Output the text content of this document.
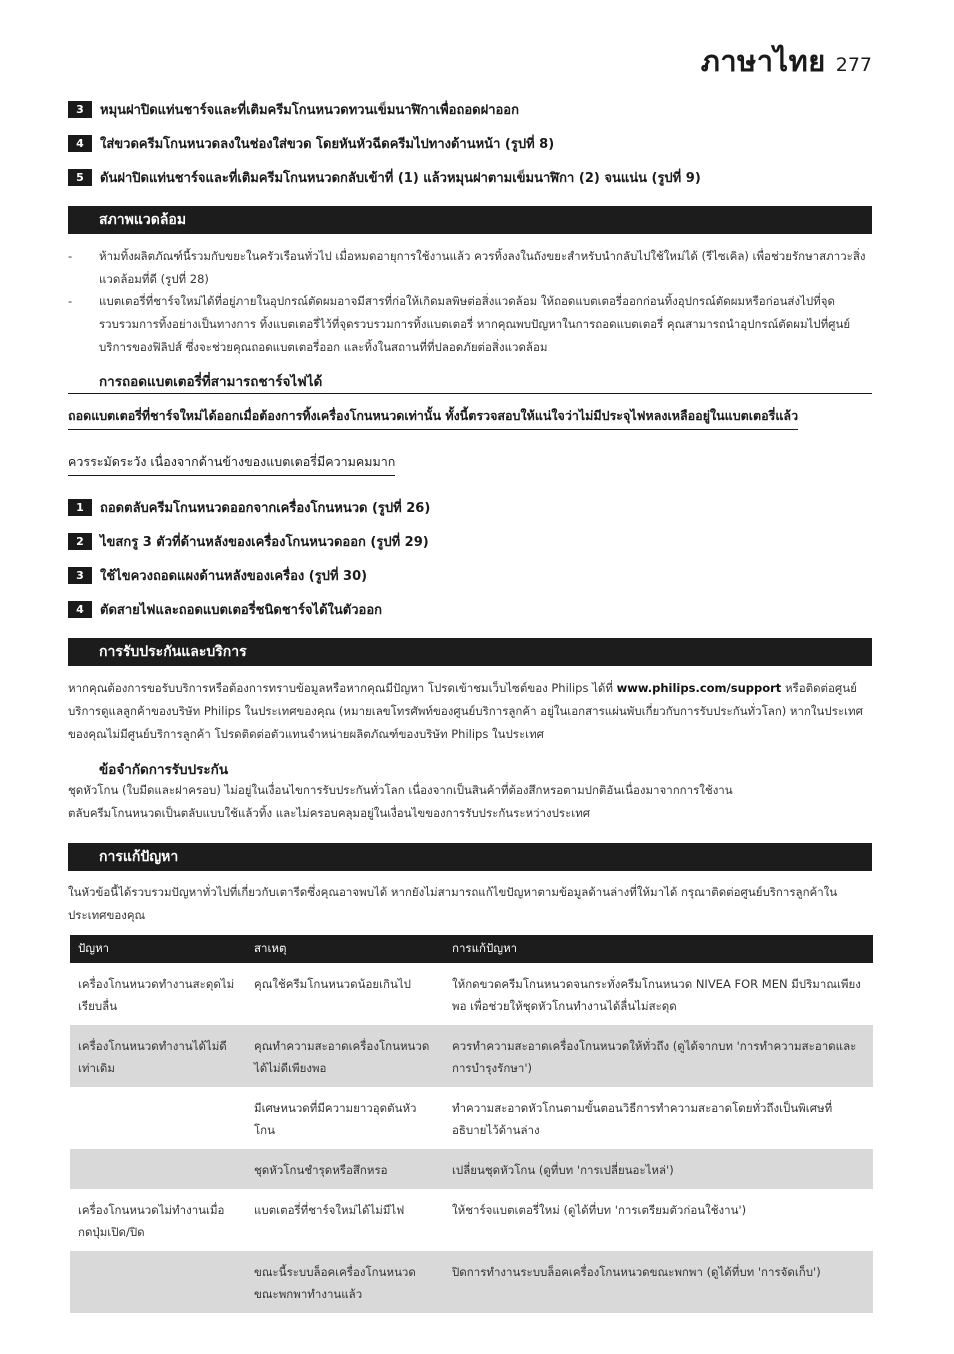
ภาษาไทย 277
3	หมุนฝาปิดแท่นชาร์จและที่เติมครีมโกนหนวดทวนเข็มนาฬิกาเพื่อถอดฝาออก
4	ใส่ขวดครีมโกนหนวดลงในช่องใส่ขวด โดยหันหัวฉีดครีมไปทางด้านหน้า (รูปที่ 8)
5	ดันฝาปิดแท่นชาร์จและที่เติมครีมโกนหนวดกลับเข้าที่ (1) แล้วหมุนฝาตามเข็มนาฬิกา (2) จนแน่น (รูปที่ 9)
สภาพแวดล้อม
- ห้ามทิ้งผลิตภัณฑ์นี้รวมกับขยะในครัวเรือนทั่วไป เมื่อหมดอายุการใช้งานแล้ว ควรทิ้งลงในถังขยะสำหรับนำกลับไปใช้ใหม่ได้ (รีไซเคิล) เพื่อช่วยรักษาสภาวะสิ่งแวดล้อมที่ดี (รูปที่ 28)
- แบตเตอรี่ที่ชาร์จใหม่ได้ที่อยู่ภายในอุปกรณ์ตัดผมอาจมีสารที่ก่อให้เกิดมลพิษต่อสิ่งแวดล้อม ให้ถอดแบตเตอรี่ออกก่อนทิ้งอุปกรณ์ตัดผมหรือก่อนส่งไปที่จุดรวบรวมการทิ้งอย่างเป็นทางการ ทิ้งแบตเตอรี่ไว้ที่จุดรวบรวมการทิ้งแบตเตอรี่ หากคุณพบปัญหาในการถอดแบตเตอรี่ คุณสามารถนำอุปกรณ์ตัดผมไปที่ศูนย์บริการของฟิลิปส์ ซึ่งจะช่วยคุณถอดแบตเตอรี่ออก และทิ้งในสถานที่ที่ปลอดภัยต่อสิ่งแวดล้อม
การถอดแบตเตอรี่ที่สามารถชาร์จไฟได้
ถอดแบตเตอรี่ที่ชาร์จใหม่ได้ออกเมื่อต้องการทิ้งเครื่องโกนหนวดเท่านั้น ทั้งนี้ตรวจสอบให้แน่ใจว่าไม่มีประจุไฟหลงเหลืออยู่ในแบตเตอรี่แล้ว
ควรระมัดระวัง เนื่องจากด้านข้างของแบตเตอรี่มีความคมมาก
1	ถอดตลับครีมโกนหนวดออกจากเครื่องโกนหนวด (รูปที่ 26)
2	ไขสกรู 3 ตัวที่ด้านหลังของเครื่องโกนหนวดออก (รูปที่ 29)
3	ใช้ไขควงถอดแผงด้านหลังของเครื่อง (รูปที่ 30)
4	ตัดสายไฟและถอดแบตเตอรี่ชนิดชาร์จได้ในตัวออก
การรับประกันและบริการ
หากคุณต้องการขอรับบริการหรือต้องการทราบข้อมูลหรือหากคุณมีปัญหา โปรดเข้าชมเว็บไซต์ของ Philips ได้ที่ www.philips.com/support หรือติดต่อศูนย์บริการดูแลลูกค้าของบริษัท Philips ในประเทศของคุณ (หมายเลขโทรศัพท์ของศูนย์บริการลูกค้า อยู่ในเอกสารแผ่นพับเกี่ยวกับการรับประกันทั่วโลก) หากในประเทศของคุณไม่มีศูนย์บริการลูกค้า โปรดติดต่อตัวแทนจำหน่ายผลิตภัณฑ์ของบริษัท Philips ในประเทศ
ข้อจำกัดการรับประกัน
ชุดหัวโกน (ใบมีดและฝาครอบ) ไม่อยู่ในเงื่อนไขการรับประกันทั่วโลก เนื่องจากเป็นสินค้าที่ต้องสึกหรอตามปกติอันเนื่องมาจากการใช้งาน
ตลับครีมโกนหนวดเป็นตลับแบบใช้แล้วทิ้ง และไม่ครอบคลุมอยู่ในเงื่อนไขของการรับประกันระหว่างประเทศ
การแก้ปัญหา
ในหัวข้อนี้ได้รวบรวมปัญหาทั่วไปที่เกี่ยวกับเตารีดซึ่งคุณอาจพบได้ หากยังไม่สามารถแก้ไขปัญหาตามข้อมูลด้านล่างที่ให้มาได้ กรุณาติดต่อศูนย์บริการลูกค้าในประเทศของคุณ
ปัญหา	สาเหตุ	การแก้ปัญหา
เครื่องโกนหนวดทำงานสะดุดไม่เรียบลื่น	คุณใช้ครีมโกนหนวดน้อยเกินไป	ให้กดขวดครีมโกนหนวดจนกระทั่งครีมโกนหนวด NIVEA FOR MEN มีปริมาณเพียงพอ เพื่อช่วยให้ชุดหัวโกนทำงานได้ลื่นไม่สะดุด
เครื่องโกนหนวดทำงานได้ไม่ดีเท่าเดิม	คุณทำความสะอาดเครื่องโกนหนวดได้ไม่ดีเพียงพอ	ควรทำความสะอาดเครื่องโกนหนวดให้ทั่วถึง (ดูได้จากบท 'การทำความสะอาดและการบำรุงรักษา')
	มีเศษหนวดที่มีความยาวอุดตันหัวโกน	ทำความสะอาดหัวโกนตามขั้นตอนวิธีการทำความสะอาดโดยทั่วถึงเป็นพิเศษที่อธิบายไว้ด้านล่าง
	ชุดหัวโกนชำรุดหรือสึกหรอ	เปลี่ยนชุดหัวโกน (ดูที่บท 'การเปลี่ยนอะไหล่')
เครื่องโกนหนวดไม่ทำงานเมื่อกดปุ่มเปิด/ปิด	แบตเตอรี่ที่ชาร์จใหม่ได้ไม่มีไฟ	ให้ชาร์จแบตเตอรี่ใหม่ (ดูได้ที่บท 'การเตรียมตัวก่อนใช้งาน')
	ขณะนี้ระบบล็อคเครื่องโกนหนวดขณะพกพาทำงานแล้ว	ปิดการทำงานระบบล็อคเครื่องโกนหนวดขณะพกพา (ดูได้ที่บท 'การจัดเก็บ')
